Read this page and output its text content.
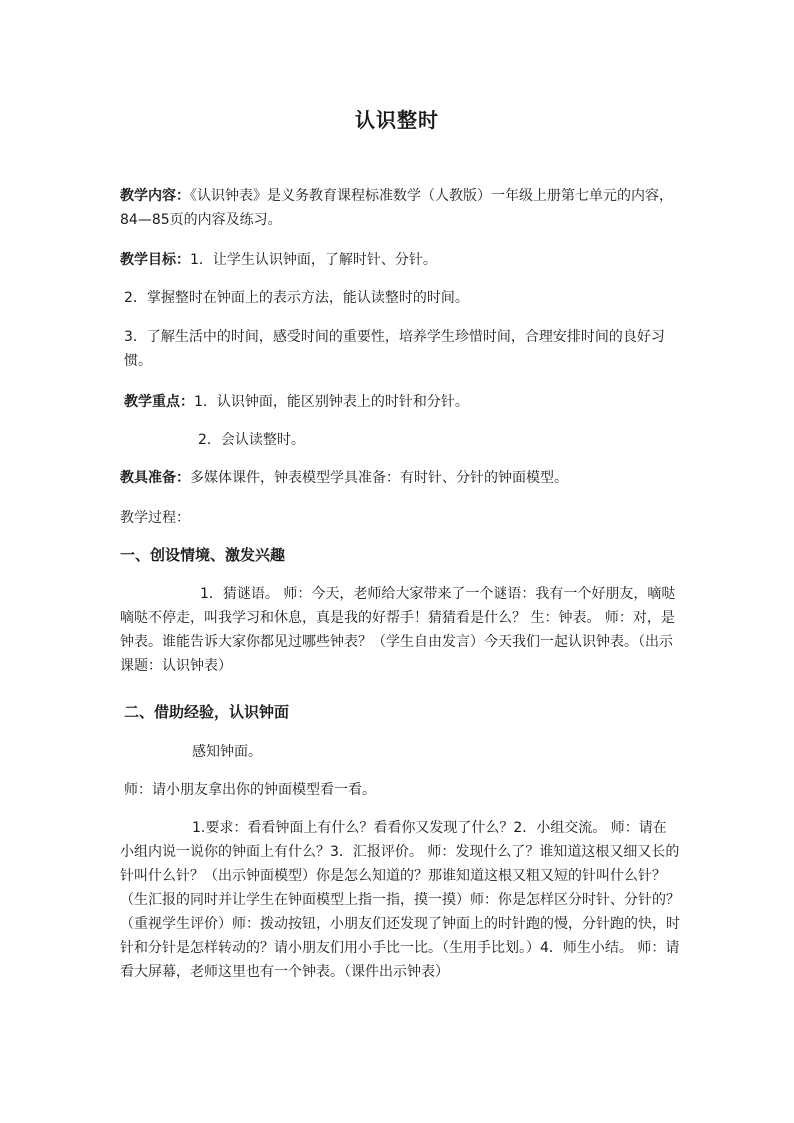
认识整时

教学内容：《认识钟表》是义务教育课程标准数学（人教版）一年级上册第七单元的内容，84—85页的内容及练习。

教学目标：1．让学生认识钟面，了解时针、分针。

2．掌握整时在钟面上的表示方法，能认读整时的时间。

3．了解生活中的时间，感受时间的重要性，培养学生珍惜时间，合理安排时间的良好习惯。

教学重点：1．认识钟面，能区别钟表上的时针和分针。

2．会认读整时。

教具准备：多媒体课件，钟表模型学具准备：有时针、分针的钟面模型。

教学过程：

一、创设情境、激发兴趣

1．猜谜语。 师：今天，老师给大家带来了一个谜语：我有一个好朋友，嘀哒嘀哒不停走，叫我学习和休息，真是我的好帮手！猜猜看是什么？ 生：钟表。 师：对，是钟表。谁能告诉大家你都见过哪些钟表？（学生自由发言）今天我们一起认识钟表。（出示课题：认识钟表）

二、借助经验，认识钟面

感知钟面。

师：请小朋友拿出你的钟面模型看一看。

1.要求：看看钟面上有什么？看看你又发现了什么？2．小组交流。 师：请在小组内说一说你的钟面上有什么？3．汇报评价。 师：发现什么了？谁知道这根又细又长的针叫什么针？（出示钟面模型）你是怎么知道的？那谁知道这根又粗又短的针叫什么针？（生汇报的同时并让学生在钟面模型上指一指，摸一摸）师：你是怎样区分时针、分针的？（重视学生评价）师：拨动按钮，小朋友们还发现了钟面上的时针跑的慢，分针跑的快，时针和分针是怎样转动的？请小朋友们用小手比一比。（生用手比划。）4．师生小结。 师：请看大屏幕，老师这里也有一个钟表。（课件出示钟表）
